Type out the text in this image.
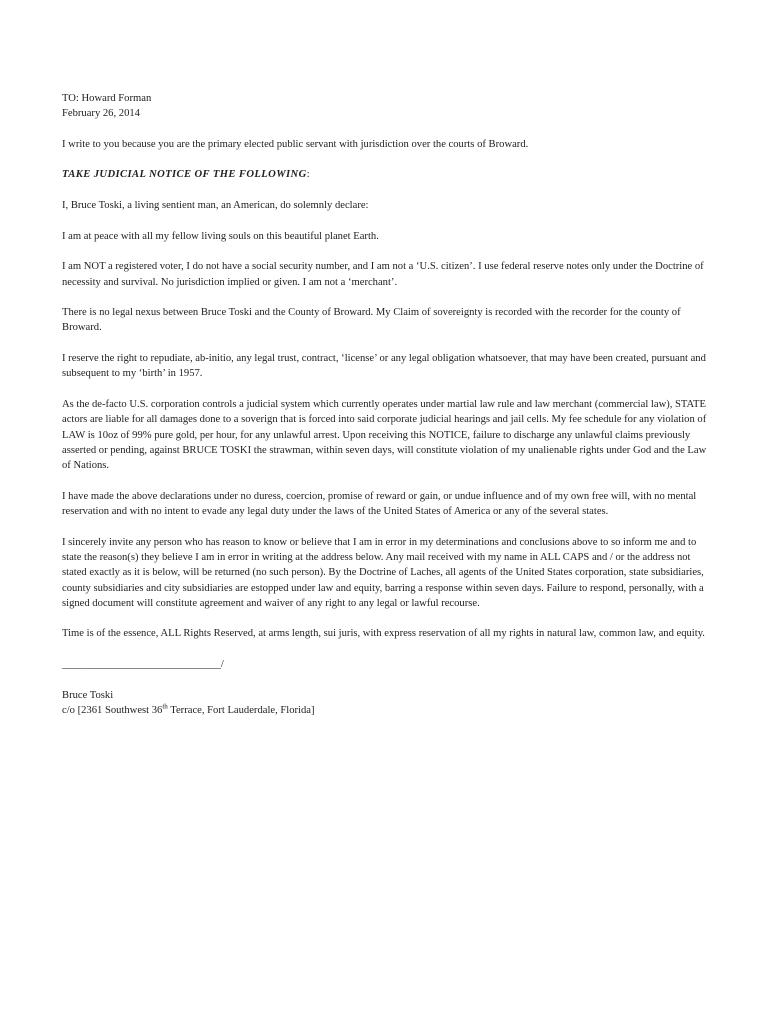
TO: Howard Forman

February 26, 2014

I write to you because you are the primary elected public servant with jurisdiction over the courts of Broward.

TAKE JUDICIAL NOTICE OF THE FOLLOWING:

I, Bruce Toski, a living sentient man, an American, do solemnly declare:

I am at peace with all my fellow living souls on this beautiful planet Earth.

I am NOT a registered voter, I do not have a social security number, and I am not a ‘U.S. citizen’. I use federal reserve notes only under the Doctrine of necessity and survival. No jurisdiction implied or given. I am not a ‘merchant’.

There is no legal nexus between Bruce Toski and the County of Broward. My Claim of sovereignty is recorded with the recorder for the county of Broward.

I reserve the right to repudiate, ab-initio, any legal trust, contract, ‘license’ or any legal obligation whatsoever, that may have been created, pursuant and subsequent to my ‘birth’ in 1957.

As the de-facto U.S. corporation controls a judicial system which currently operates under martial law rule and law merchant (commercial law), STATE actors are liable for all damages done to a soverign that is forced into said corporate judicial hearings and jail cells. My fee schedule for any violation of LAW is 10oz of 99% pure gold, per hour, for any unlawful arrest. Upon receiving this NOTICE, failure to discharge any unlawful claims previously asserted or pending, against BRUCE TOSKI the strawman, within seven days, will constitute violation of my unalienable rights under God and the Law of Nations.

I have made the above declarations under no duress, coercion, promise of reward or gain, or undue influence and of my own free will, with no mental reservation and with no intent to evade any legal duty under the laws of the United States of America or any of the several states.

I sincerely invite any person who has reason to know or believe that I am in error in my determinations and conclusions above to so inform me and to state the reason(s) they believe I am in error in writing at the address below. Any mail received with my name in ALL CAPS and / or the address not stated exactly as it is below, will be returned (no such person). By the Doctrine of Laches, all agents of the United States corporation, state subsidiaries, county subsidiaries and city subsidiaries are estopped under law and equity, barring a response within seven days. Failure to respond, personally, with a signed document will constitute agreement and waiver of any right to any legal or lawful recourse.

Time is of the essence, ALL Rights Reserved, at arms length, sui juris, with express reservation of all my rights in natural law, common law, and equity.

______________________________/

Bruce Toski

c/o [2361 Southwest 36th Terrace, Fort Lauderdale, Florida]
